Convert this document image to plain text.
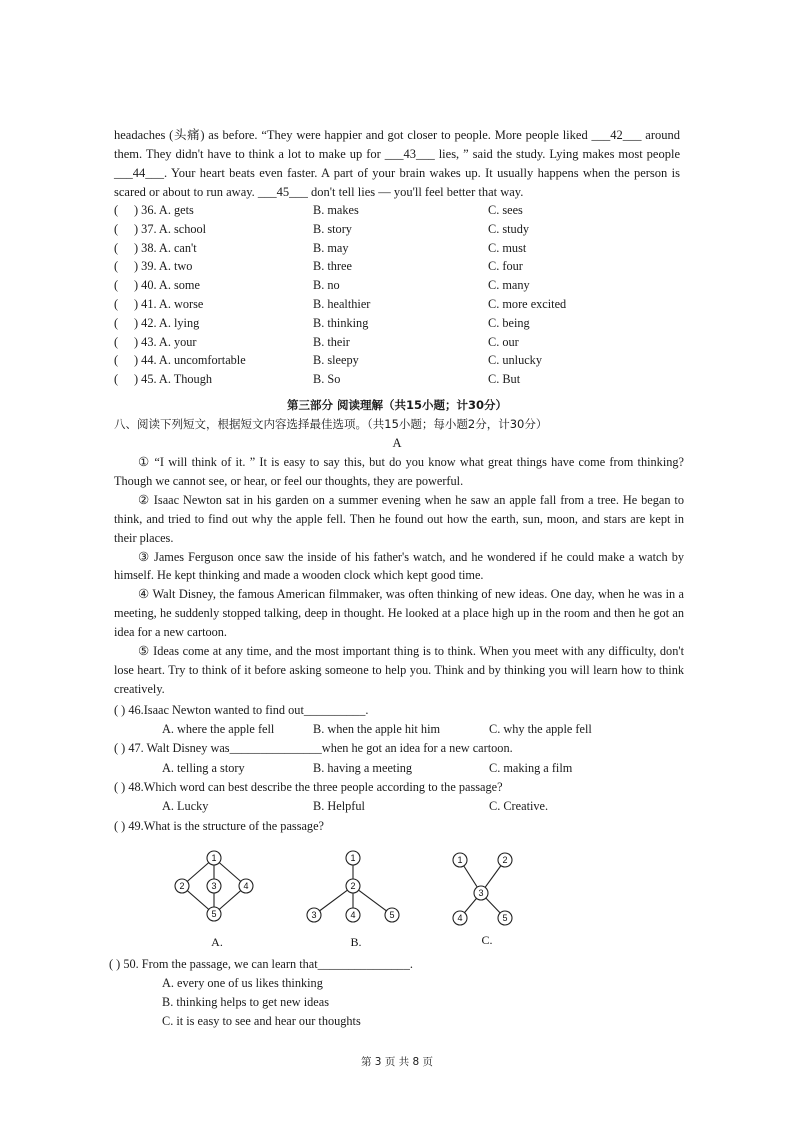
headaches (头痛) as before. “They were happier and got closer to people. More people liked ___42___ around them. They didn't have to think a lot to make up for ___43___ lies, ” said the study. Lying makes most people ___44___. Your heart beats even faster. A part of your brain wakes up. It usually happens when the person is scared or about to run away. ___45___ don't tell lies — you'll feel better that way.

( ) 36. A. gets	B. makes	C. sees
( ) 37. A. school	B. story	C. study
( ) 38. A. can't	B. may	C. must
( ) 39. A. two	B. three	C. four
( ) 40. A. some	B. no	C. many
( ) 41. A. worse	B. healthier	C. more excited
( ) 42. A. lying	B. thinking	C. being
( ) 43. A. your	B. their	C. our
( ) 44. A. uncomfortable	B. sleepy	C. unlucky
( ) 45. A. Though	B. So	C. But
第三部分 阅读理解（共15小题；计30分）
八、阅读下列短文，根据短文内容选择最佳选项。（共15小题；每小题2分，计30分）
A

① “I will think of it. ” It is easy to say this, but do you know what great things have come from thinking? Though we cannot see, or hear, or feel our thoughts, they are powerful.

② Isaac Newton sat in his garden on a summer evening when he saw an apple fall from a tree. He began to think, and tried to find out why the apple fell. Then he found out how the earth, sun, moon, and stars are kept in their places.

③ James Ferguson once saw the inside of his father's watch, and he wondered if he could make a watch by himself. He kept thinking and made a wooden clock which kept good time.

④ Walt Disney, the famous American filmmaker, was often thinking of new ideas. One day, when he was in a meeting, he suddenly stopped talking, deep in thought. He looked at a place high up in the room and then he got an idea for a new cartoon.

⑤ Ideas come at any time, and the most important thing is to think. When you meet with any difficulty, don't lose heart. Try to think of it before asking someone to help you. Think and by thinking you will learn how to think creatively.

( ) 46.Isaac Newton wanted to find out__________.
A. where the apple fell	B. when the apple hit him	C. why the apple fell
( ) 47. Walt Disney was_______________when he got an idea for a new cartoon.
A. telling a story	B. having a meeting	C. making a film
( ) 48.Which word can best describe the three people according to the passage?
A. Lucky	B. Helpful	C. Creative.
( ) 49.What is the structure of the passage?
1
2	3	4
5
1
2
3	4	5
1	2
3
4	5
A.	B.	C.
( ) 50. From the passage, we can learn that_______________.
A. every one of us likes thinking
B. thinking helps to get new ideas
C. it is easy to see and hear our thoughts
第 3 页 共 8 页
